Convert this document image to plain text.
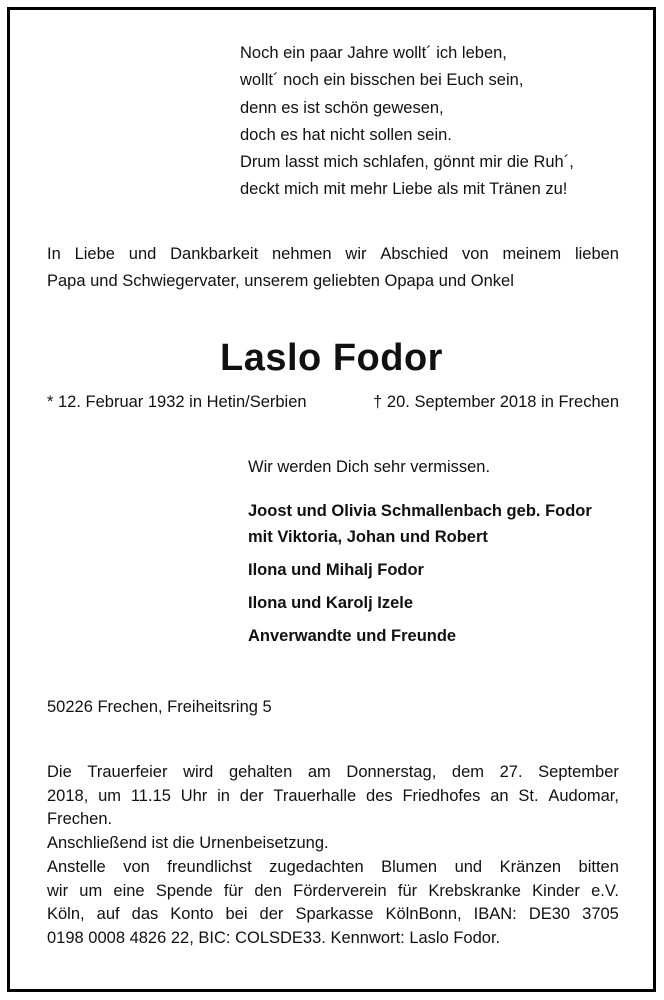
Noch ein paar Jahre wollt´ ich leben,
wollt´ noch ein bisschen bei Euch sein,
denn es ist schön gewesen,
doch es hat nicht sollen sein.
Drum lasst mich schlafen, gönnt mir die Ruh´,
deckt mich mit mehr Liebe als mit Tränen zu!
In Liebe und Dankbarkeit nehmen wir Abschied von meinem lieben
Papa und Schwiegervater, unserem geliebten Opapa und Onkel
Laslo Fodor
* 12. Februar 1932 in Hetin/Serbien	† 20. September 2018 in Frechen
Wir werden Dich sehr vermissen.
Joost und Olivia Schmallenbach geb. Fodor
mit Viktoria, Johan und Robert
Ilona und Mihalj Fodor
Ilona und Karolj Izele
Anverwandte und Freunde
50226 Frechen, Freiheitsring 5
Die Trauerfeier wird gehalten am Donnerstag, dem 27. September
2018, um 11.15 Uhr in der Trauerhalle des Friedhofes an St. Audomar,
Frechen.
Anschließend ist die Urnenbeisetzung.
Anstelle von freundlichst zugedachten Blumen und Kränzen bitten
wir um eine Spende für den Förderverein für Krebskranke Kinder e.V.
Köln, auf das Konto bei der Sparkasse KölnBonn, IBAN: DE30 3705
0198 0008 4826 22, BIC: COLSDE33. Kennwort: Laslo Fodor.
